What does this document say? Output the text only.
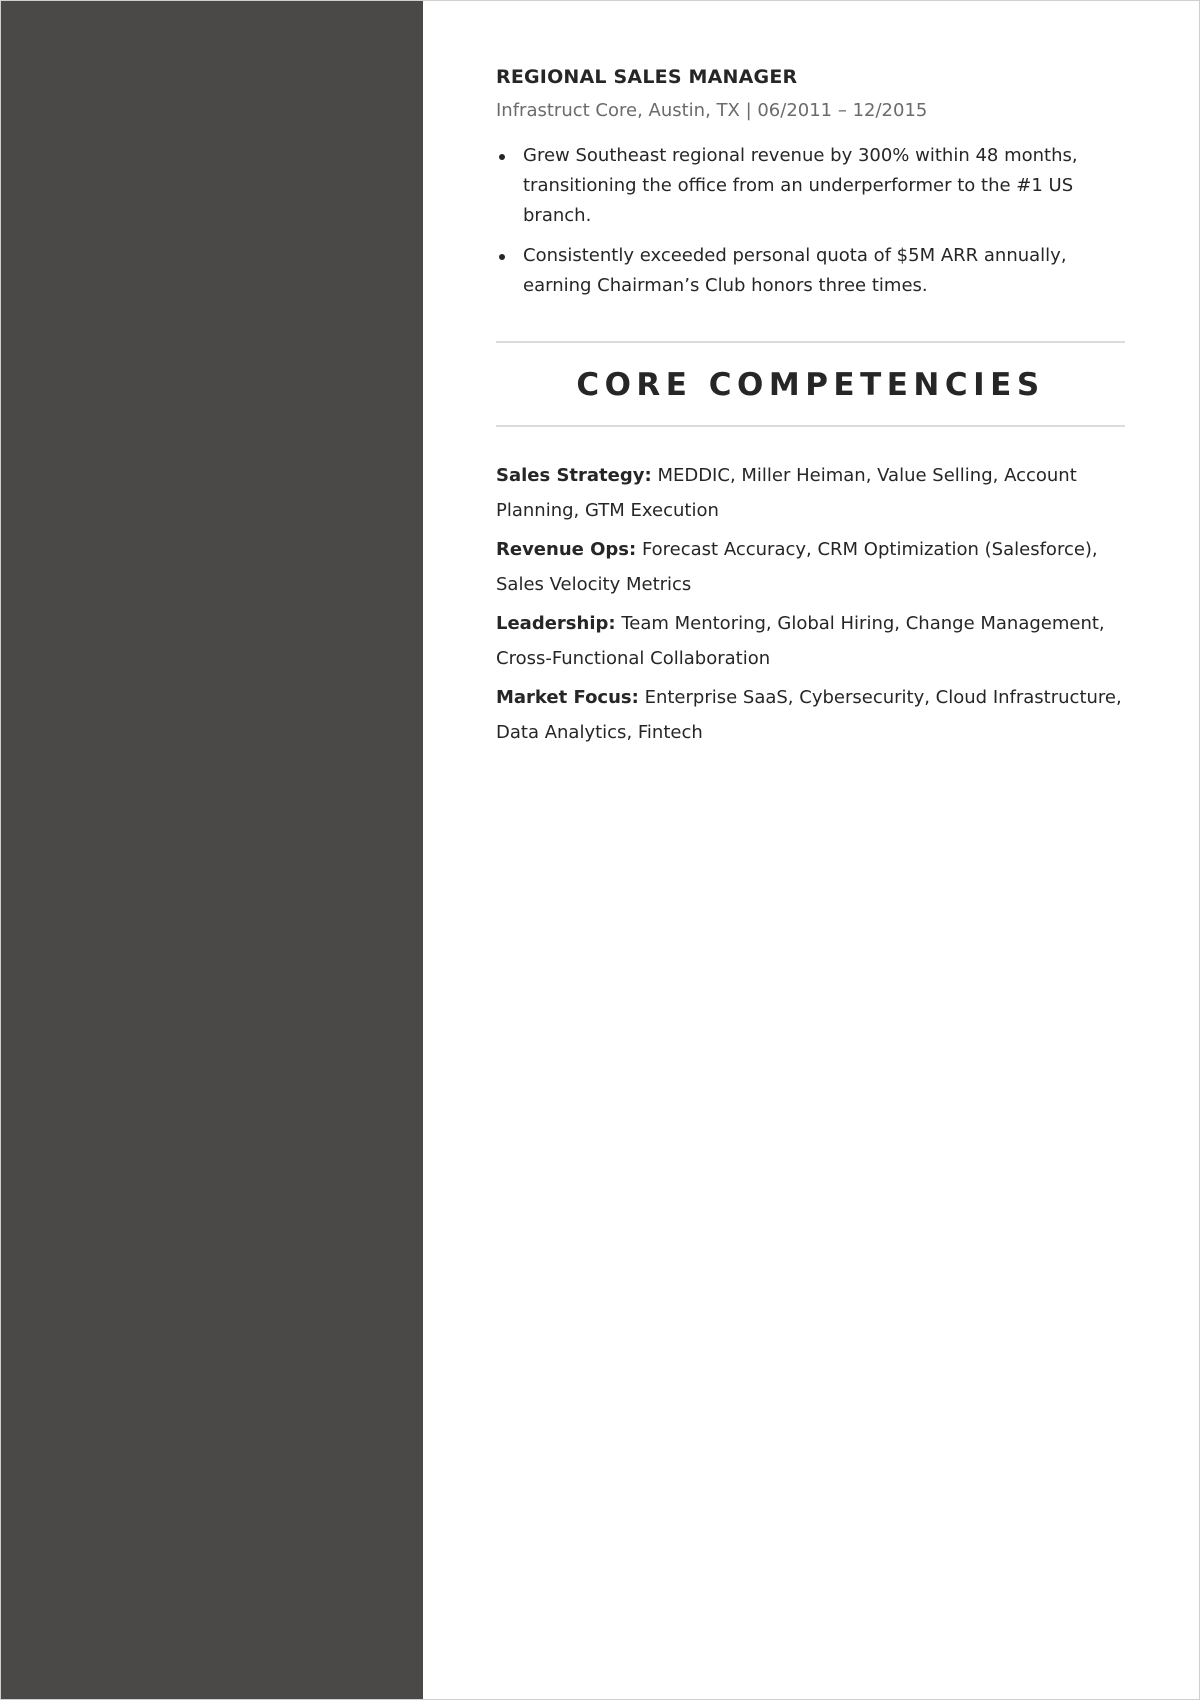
REGIONAL SALES MANAGER
Infrastruct Core, Austin, TX | 06/2011 – 12/2015
Grew Southeast regional revenue by 300% within 48 months, transitioning the office from an underperformer to the #1 US branch.
Consistently exceeded personal quota of $5M ARR annually, earning Chairman’s Club honors three times.
CORE COMPETENCIES
Sales Strategy: MEDDIC, Miller Heiman, Value Selling, Account Planning, GTM Execution
Revenue Ops: Forecast Accuracy, CRM Optimization (Salesforce), Sales Velocity Metrics
Leadership: Team Mentoring, Global Hiring, Change Management, Cross-Functional Collaboration
Market Focus: Enterprise SaaS, Cybersecurity, Cloud Infrastructure, Data Analytics, Fintech
